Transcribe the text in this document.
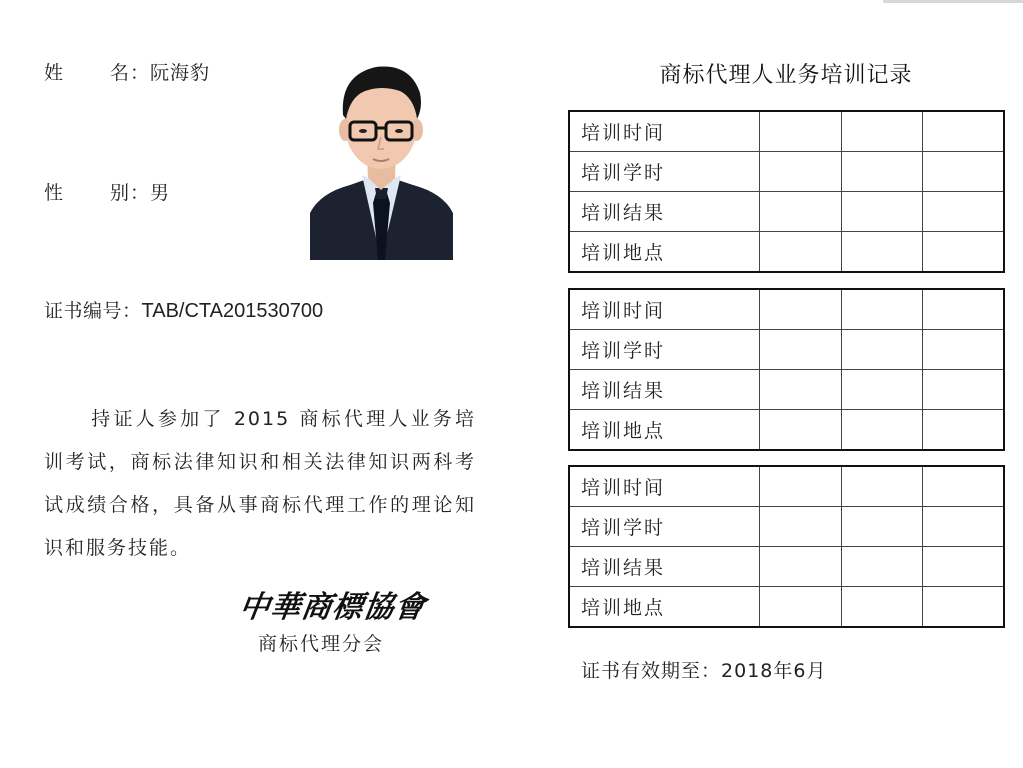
姓 名：阮海豹
性 别：男
证书编号：TAB/CTA201530700
持证人参加了 2015 商标代理人业务培训考试，商标法律知识和相关法律知识两科考试成绩合格，具备从事商标代理工作的理论知识和服务技能。
中華商標協會
商标代理分会
商标代理人业务培训记录
培训时间			
培训学时			
培训结果			
培训地点			
培训时间			
培训学时			
培训结果			
培训地点			
培训时间			
培训学时			
培训结果			
培训地点			
证书有效期至：2018年6月
